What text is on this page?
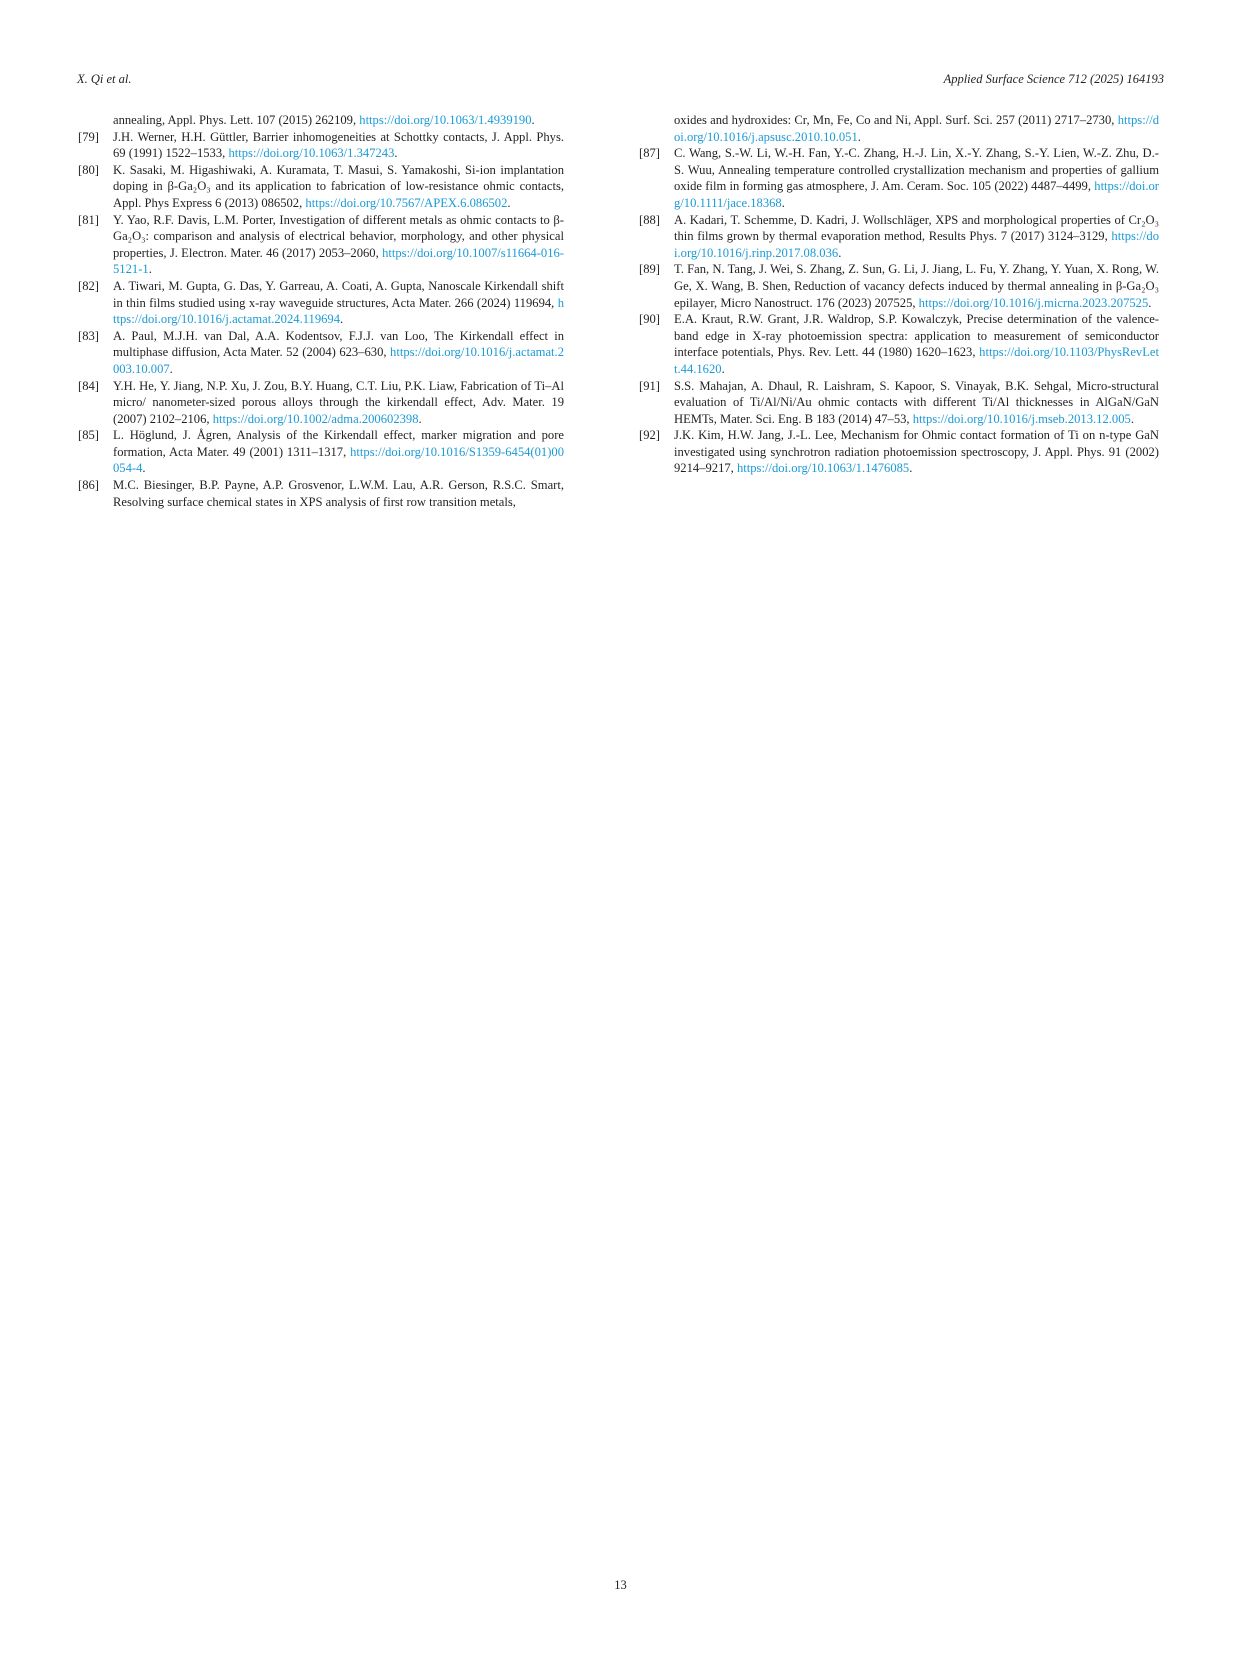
X. Qi et al.	Applied Surface Science 712 (2025) 164193
annealing, Appl. Phys. Lett. 107 (2015) 262109, https://doi.org/10.1063/1.4939190.
[79] J.H. Werner, H.H. Güttler, Barrier inhomogeneities at Schottky contacts, J. Appl. Phys. 69 (1991) 1522–1533, https://doi.org/10.1063/1.347243.
[80] K. Sasaki, M. Higashiwaki, A. Kuramata, T. Masui, S. Yamakoshi, Si-ion implantation doping in β-Ga₂O₃ and its application to fabrication of low-resistance ohmic contacts, Appl. Phys Express 6 (2013) 086502, https://doi.org/10.7567/APEX.6.086502.
[81] Y. Yao, R.F. Davis, L.M. Porter, Investigation of different metals as ohmic contacts to β-Ga₂O₃: comparison and analysis of electrical behavior, morphology, and other physical properties, J. Electron. Mater. 46 (2017) 2053–2060, https://doi.org/10.1007/s11664-016-5121-1.
[82] A. Tiwari, M. Gupta, G. Das, Y. Garreau, A. Coati, A. Gupta, Nanoscale Kirkendall shift in thin films studied using x-ray waveguide structures, Acta Mater. 266 (2024) 119694, https://doi.org/10.1016/j.actamat.2024.119694.
[83] A. Paul, M.J.H. van Dal, A.A. Kodentsov, F.J.J. van Loo, The Kirkendall effect in multiphase diffusion, Acta Mater. 52 (2004) 623–630, https://doi.org/10.1016/j.actamat.2003.10.007.
[84] Y.H. He, Y. Jiang, N.P. Xu, J. Zou, B.Y. Huang, C.T. Liu, P.K. Liaw, Fabrication of Ti–Al micro/ nanometer-sized porous alloys through the kirkendall effect, Adv. Mater. 19 (2007) 2102–2106, https://doi.org/10.1002/adma.200602398.
[85] L. Höglund, J. Ågren, Analysis of the Kirkendall effect, marker migration and pore formation, Acta Mater. 49 (2001) 1311–1317, https://doi.org/10.1016/S1359-6454(01)00054-4.
[86] M.C. Biesinger, B.P. Payne, A.P. Grosvenor, L.W.M. Lau, A.R. Gerson, R.S.C. Smart, Resolving surface chemical states in XPS analysis of first row transition metals,
oxides and hydroxides: Cr, Mn, Fe, Co and Ni, Appl. Surf. Sci. 257 (2011) 2717–2730, https://doi.org/10.1016/j.apsusc.2010.10.051.
[87] C. Wang, S.-W. Li, W.-H. Fan, Y.-C. Zhang, H.-J. Lin, X.-Y. Zhang, S.-Y. Lien, W.-Z. Zhu, D.-S. Wuu, Annealing temperature controlled crystallization mechanism and properties of gallium oxide film in forming gas atmosphere, J. Am. Ceram. Soc. 105 (2022) 4487–4499, https://doi.org/10.1111/jace.18368.
[88] A. Kadari, T. Schemme, D. Kadri, J. Wollschläger, XPS and morphological properties of Cr₂O₃ thin films grown by thermal evaporation method, Results Phys. 7 (2017) 3124–3129, https://doi.org/10.1016/j.rinp.2017.08.036.
[89] T. Fan, N. Tang, J. Wei, S. Zhang, Z. Sun, G. Li, J. Jiang, L. Fu, Y. Zhang, Y. Yuan, X. Rong, W. Ge, X. Wang, B. Shen, Reduction of vacancy defects induced by thermal annealing in β-Ga₂O₃ epilayer, Micro Nanostruct. 176 (2023) 207525, https://doi.org/10.1016/j.micrna.2023.207525.
[90] E.A. Kraut, R.W. Grant, J.R. Waldrop, S.P. Kowalczyk, Precise determination of the valence-band edge in X-ray photoemission spectra: application to measurement of semiconductor interface potentials, Phys. Rev. Lett. 44 (1980) 1620–1623, https://doi.org/10.1103/PhysRevLett.44.1620.
[91] S.S. Mahajan, A. Dhaul, R. Laishram, S. Kapoor, S. Vinayak, B.K. Sehgal, Micro-structural evaluation of Ti/Al/Ni/Au ohmic contacts with different Ti/Al thicknesses in AlGaN/GaN HEMTs, Mater. Sci. Eng. B 183 (2014) 47–53, https://doi.org/10.1016/j.mseb.2013.12.005.
[92] J.K. Kim, H.W. Jang, J.-L. Lee, Mechanism for Ohmic contact formation of Ti on n-type GaN investigated using synchrotron radiation photoemission spectroscopy, J. Appl. Phys. 91 (2002) 9214–9217, https://doi.org/10.1063/1.1476085.
13
